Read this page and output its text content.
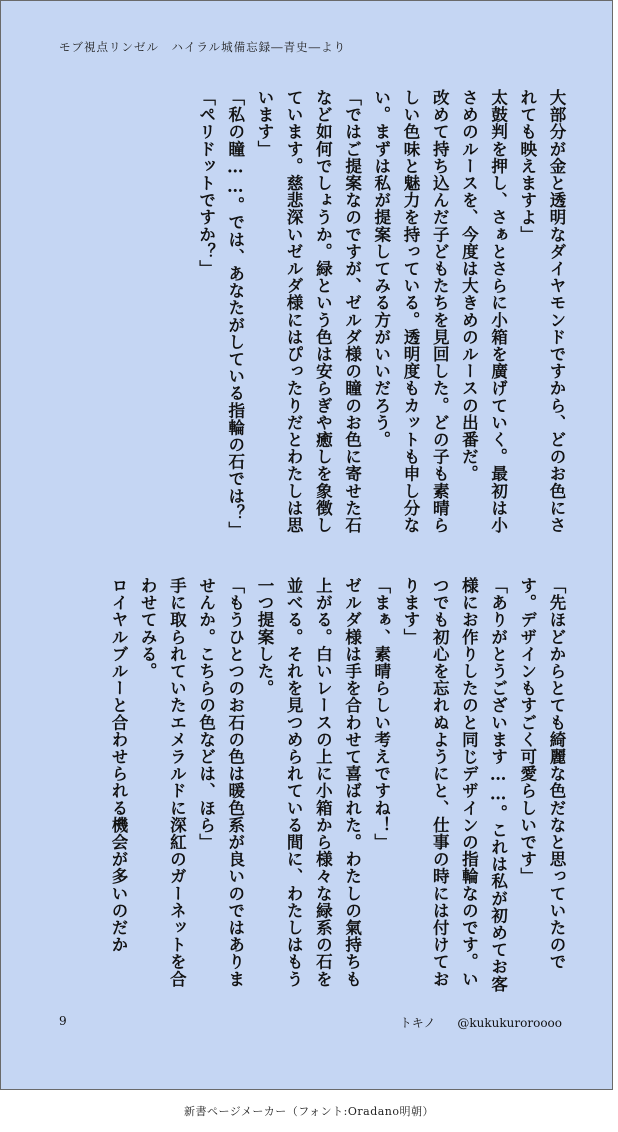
モブ視点リンゼル　ハイラル城備忘録―青史―より

大部分が金と透明なダイヤモンドですから、どのお色にされても映えますよ」

太鼓判を押し、さぁとさらに小箱を廣げていく。最初は小さめのルースを、今度は大きめのルースの出番だ。

改めて持ち込んだ子どもたちを見回した。どの子も素晴らしい色味と魅力を持っている。透明度もカットも申し分ない。まずは私が提案してみる方がいいだろう。

「ではご提案なのですが、ゼルダ様の瞳のお色に寄せた石など如何でしょうか。緑という色は安らぎや癒しを象徴しています。慈悲深いゼルダ様にはぴったりだとわたしは思います」

「私の瞳……。では、あなたがしている指輪の石では？」

「ペリドットですか？」

「先ほどからとても綺麗な色だなと思っていたのです。デザインもすごく可愛らしいです」

「ありがとうございます……。これは私が初めてお客様にお作りしたのと同じデザインの指輪なのです。いつでも初心を忘れぬようにと、仕事の時には付けております」

「まぁ、素晴らしい考えですね！」

ゼルダ様は手を合わせて喜ばれた。わたしの氣持ちも上がる。白いレースの上に小箱から様々な緑系の石を並べる。それを見つめられている間に、わたしはもう一つ提案した。

「もうひとつのお石の色は暖色系が良いのではありませんか。こちらの色などは、ほら」

手に取られていたエメラルドに深紅のガーネットを合わせてみる。

ロイヤルブルーと合わせられる機会が多いのだか

9	トキノ @kukukuroroooo
新書ページメーカー（フォント:Oradano明朝）
